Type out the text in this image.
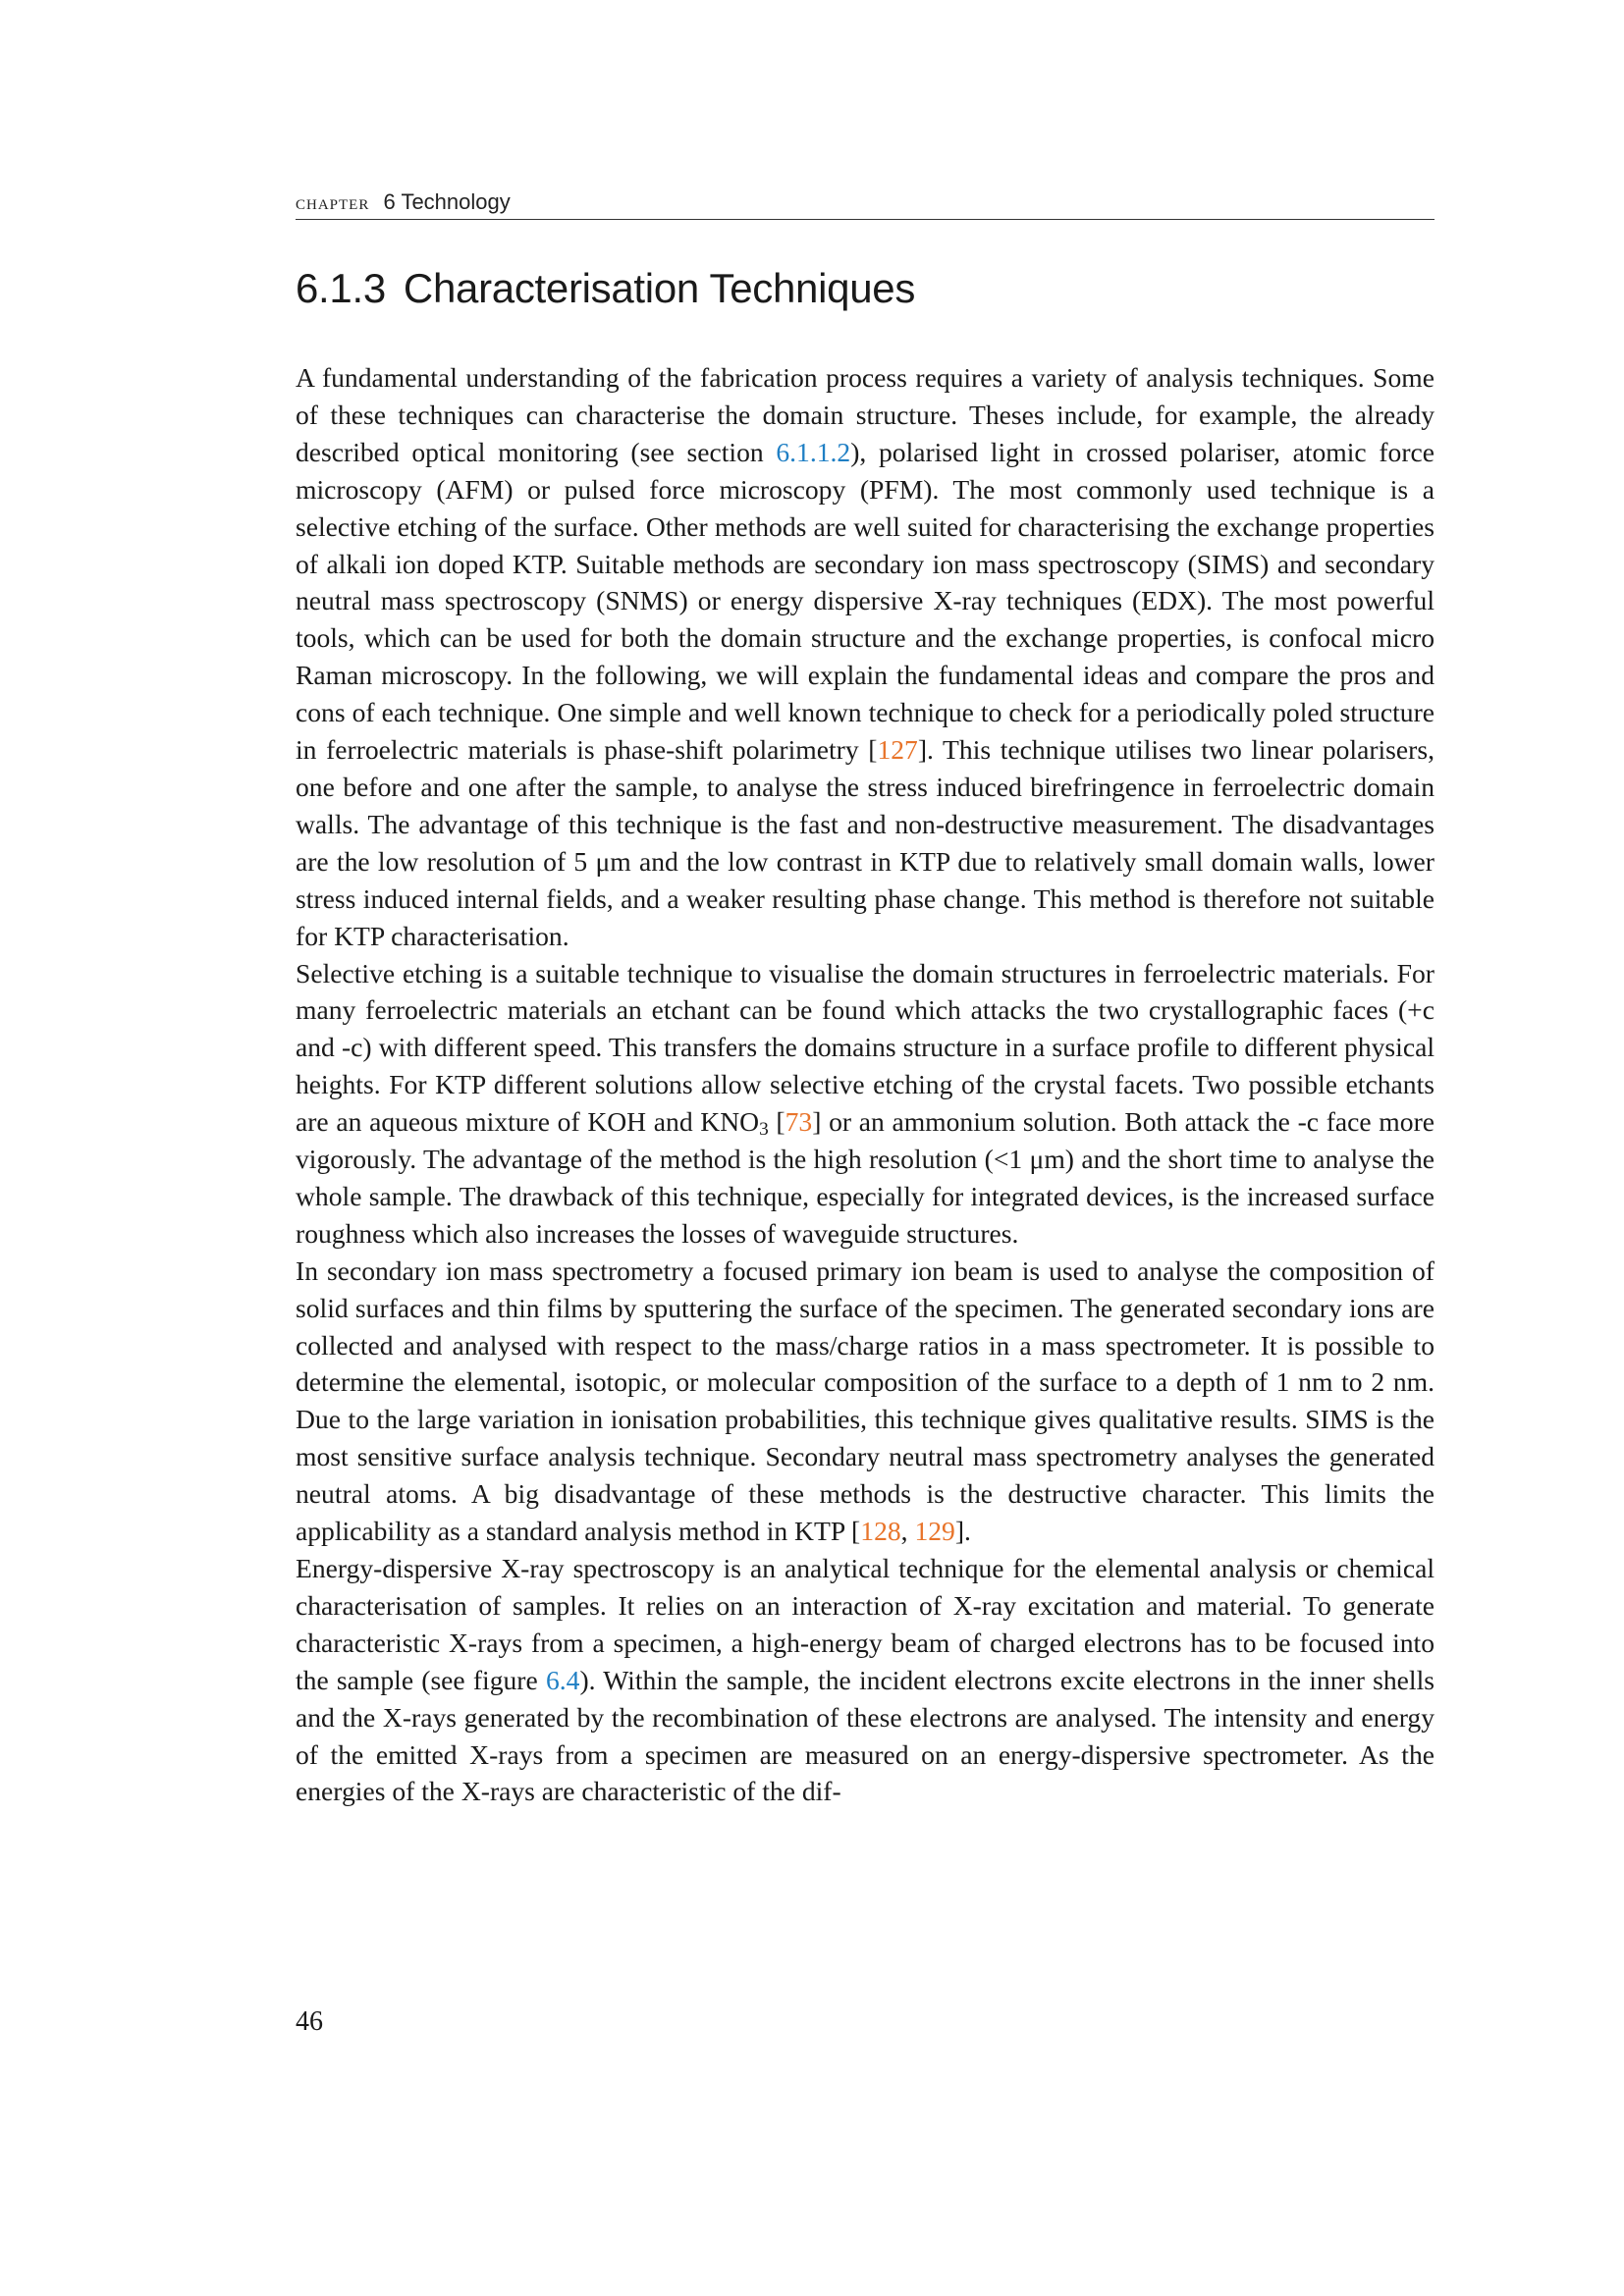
chapter 6 Technology
6.1.3 Characterisation Techniques

A fundamental understanding of the fabrication process requires a variety of analysis techniques. Some of these techniques can characterise the domain structure. Theses include, for example, the already described optical monitoring (see section 6.1.1.2), polarised light in crossed polariser, atomic force microscopy (AFM) or pulsed force microscopy (PFM). The most commonly used technique is a selective etching of the surface. Other methods are well suited for characterising the exchange properties of alkali ion doped KTP. Suitable methods are secondary ion mass spectroscopy (SIMS) and secondary neutral mass spectroscopy (SNMS) or energy dispersive X-ray techniques (EDX). The most powerful tools, which can be used for both the domain structure and the exchange properties, is confocal micro Raman microscopy. In the following, we will explain the fundamental ideas and compare the pros and cons of each technique. One simple and well known technique to check for a periodically poled structure in ferroelectric materials is phase-shift polarimetry [127]. This technique utilises two linear polarisers, one before and one after the sample, to analyse the stress induced birefringence in ferroelectric domain walls. The advantage of this technique is the fast and non-destructive measurement. The disadvantages are the low resolution of 5 μm and the low contrast in KTP due to relatively small domain walls, lower stress induced internal fields, and a weaker resulting phase change. This method is therefore not suitable for KTP characterisation.

Selective etching is a suitable technique to visualise the domain structures in ferroelectric materials. For many ferroelectric materials an etchant can be found which attacks the two crystallographic faces (+c and -c) with different speed. This transfers the domains structure in a surface profile to different physical heights. For KTP different solutions allow selective etching of the crystal facets. Two possible etchants are an aqueous mixture of KOH and $KNO_3$ [73] or an ammonium solution. Both attack the -c face more vigorously. The advantage of the method is the high resolution (<1 μm) and the short time to analyse the whole sample. The drawback of this technique, especially for integrated devices, is the increased surface roughness which also increases the losses of waveguide structures.

In secondary ion mass spectrometry a focused primary ion beam is used to analyse the composition of solid surfaces and thin films by sputtering the surface of the specimen. The generated secondary ions are collected and analysed with respect to the mass/charge ratios in a mass spectrometer. It is possible to determine the elemental, isotopic, or molecular composition of the surface to a depth of 1 nm to 2 nm. Due to the large variation in ionisation probabilities, this technique gives qualitative results. SIMS is the most sensitive surface analysis technique. Secondary neutral mass spectrometry analyses the generated neutral atoms. A big disadvantage of these methods is the destructive character. This limits the applicability as a standard analysis method in KTP [128, 129].

Energy-dispersive X-ray spectroscopy is an analytical technique for the elemental analysis or chemical characterisation of samples. It relies on an interaction of X-ray excitation and material. To generate characteristic X-rays from a specimen, a high-energy beam of charged electrons has to be focused into the sample (see figure 6.4). Within the sample, the incident electrons excite electrons in the inner shells and the X-rays generated by the recombination of these electrons are analysed. The intensity and energy of the emitted X-rays from a specimen are measured on an energy-dispersive spectrometer. As the energies of the X-rays are characteristic of the dif-

46
